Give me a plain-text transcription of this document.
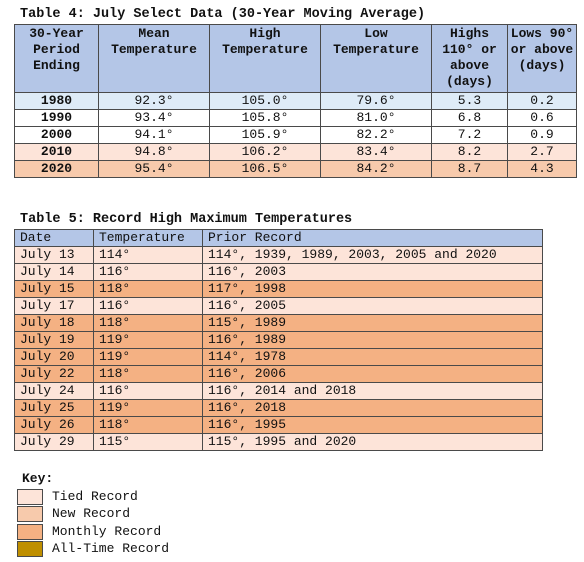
Table 4: July Select Data (30-Year Moving Average)
30-Year Period Ending	Mean Temperature	High Temperature	Low Temperature	Highs 110° or above (days)	Lows 90° or above (days)
1980	92.3°	105.0°	79.6°	5.3	0.2
1990	93.4°	105.8°	81.0°	6.8	0.6
2000	94.1°	105.9°	82.2°	7.2	0.9
2010	94.8°	106.2°	83.4°	8.2	2.7
2020	95.4°	106.5°	84.2°	8.7	4.3
Table 5: Record High Maximum Temperatures
Date	Temperature	Prior Record
July 13	114°	114°, 1939, 1989, 2003, 2005 and 2020
July 14	116°	116°, 2003
July 15	118°	117°, 1998
July 17	116°	116°, 2005
July 18	118°	115°, 1989
July 19	119°	116°, 1989
July 20	119°	114°, 1978
July 22	118°	116°, 2006
July 24	116°	116°, 2014 and 2018
July 25	119°	116°, 2018
July 26	118°	116°, 1995
July 29	115°	115°, 1995 and 2020
Key:
Tied Record
New Record
Monthly Record
All-Time Record
